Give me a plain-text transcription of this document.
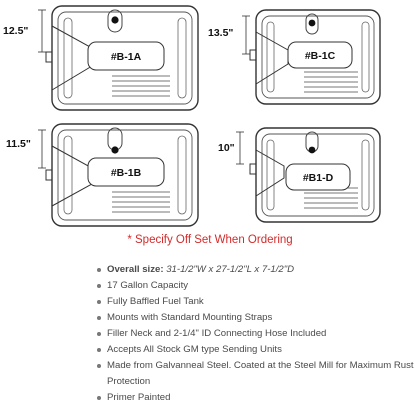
#B-1A
12.5"
#B-1C
13.5"
#B-1B
11.5"
#B1-D
10"
* Specify Off Set When Ordering
Overall size: 31-1/2"W x 27-1/2"L x 7-1/2"D
17 Gallon Capacity
Fully Baffled Fuel Tank
Mounts with Standard Mounting Straps
Filler Neck and 2-1/4" ID Connecting Hose Included
Accepts All Stock GM type Sending Units
Made from Galvanneal Steel. Coated at the Steel Mill for Maximum Rust Protection
Primer Painted
